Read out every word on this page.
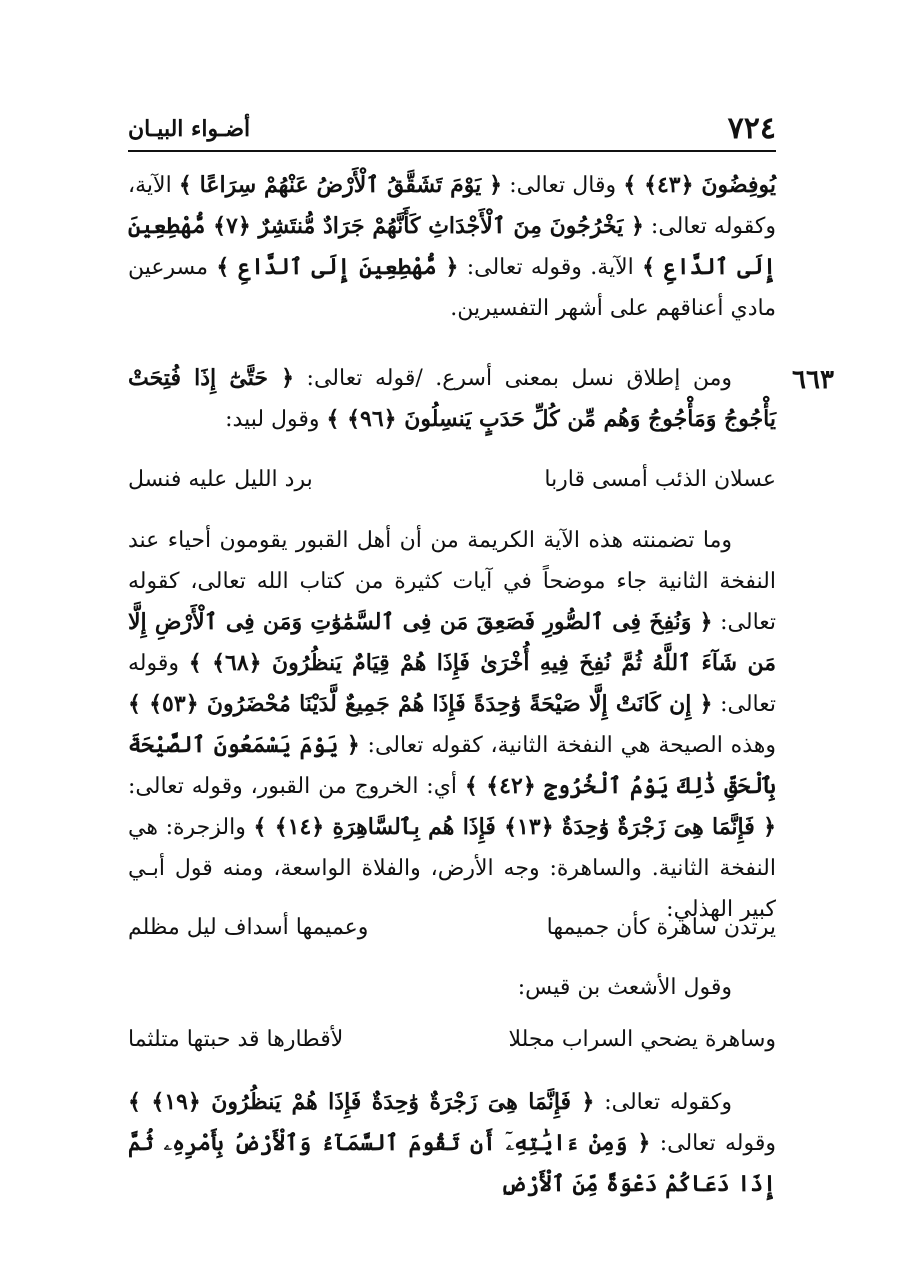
٧٢٤
أضـواء البيـان

يُوفِضُونَ ﴿٤٣﴾ ﴾ وقال تعالى: ﴿ يَوْمَ تَشَقَّقُ ٱلْأَرْضُ عَنْهُمْ سِرَاعًا ﴾ الآية، وكقوله تعالى: ﴿ يَخْرُجُونَ مِنَ ٱلْأَجْدَاثِ كَأَنَّهُمْ جَرَادٌ مُّنتَشِرٌ ﴿٧﴾ مُّهْطِعِينَ إِلَى ٱلدَّاعِ ﴾ الآية. وقوله تعالى: ﴿ مُّهْطِعِينَ إِلَى ٱلدَّاعِ ﴾ مسرعين مادي أعناقهم على أشهر التفسيرين.

٦٦٣

ومن إطلاق نسل بمعنى أسرع. /قوله تعالى: ﴿ حَتَّىٰٓ إِذَا فُتِحَتْ يَأْجُوجُ وَمَأْجُوجُ وَهُم مِّن كُلِّ حَدَبٍ يَنسِلُونَ ﴿٩٦﴾ ﴾ وقول لبيد:

عسلان الذئب أمسى قاربا
برد الليل عليه فنسل

وما تضمنته هذه الآية الكريمة من أن أهل القبور يقومون أحياء عند النفخة الثانية جاء موضحاً في آيات كثيرة من كتاب الله تعالى، كقوله تعالى: ﴿ وَنُفِخَ فِى ٱلصُّورِ فَصَعِقَ مَن فِى ٱلسَّمَٰوَٰتِ وَمَن فِى ٱلْأَرْضِ إِلَّا مَن شَآءَ ٱللَّهُ ثُمَّ نُفِخَ فِيهِ أُخْرَىٰ فَإِذَا هُمْ قِيَامٌ يَنظُرُونَ ﴿٦٨﴾ ﴾ وقوله تعالى: ﴿ إِن كَانَتْ إِلَّا صَيْحَةً وَٰحِدَةً فَإِذَا هُمْ جَمِيعٌ لَّدَيْنَا مُحْضَرُونَ ﴿٥٣﴾ ﴾ وهذه الصيحة هي النفخة الثانية، كقوله تعالى: ﴿ يَوْمَ يَسْمَعُونَ ٱلصَّيْحَةَ بِٱلْحَقِّ ذَٰلِكَ يَوْمُ ٱلْخُرُوجِ ﴿٤٢﴾ ﴾ أي: الخروج من القبور، وقوله تعالى: ﴿ فَإِنَّمَا هِىَ زَجْرَةٌ وَٰحِدَةٌ ﴿١٣﴾ فَإِذَا هُم بِٱلسَّاهِرَةِ ﴿١٤﴾ ﴾ والزجرة: هي النفخة الثانية. والساهرة: وجه الأرض، والفلاة الواسعة، ومنه قول أبـي كبير الهذلي:

يرتدن ساهرة كأن جميمها
وعميمها أسداف ليل مظلم

وقول الأشعث بن قيس:

وساهرة يضحي السراب مجللا
لأقطارها قد حبتها متلثما

وكقوله تعالى: ﴿ فَإِنَّمَا هِىَ زَجْرَةٌ وَٰحِدَةٌ فَإِذَا هُمْ يَنظُرُونَ ﴿١٩﴾ ﴾ وقوله تعالى: ﴿ وَمِنْ ءَايَٰتِهِۦٓ أَن تَقُومَ ٱلسَّمَآءُ وَٱلْأَرْضُ بِأَمْرِهِۦ ثُمَّ إِذَا دَعَاكُمْ دَعْوَةً مِّنَ ٱلْأَرْضِ
